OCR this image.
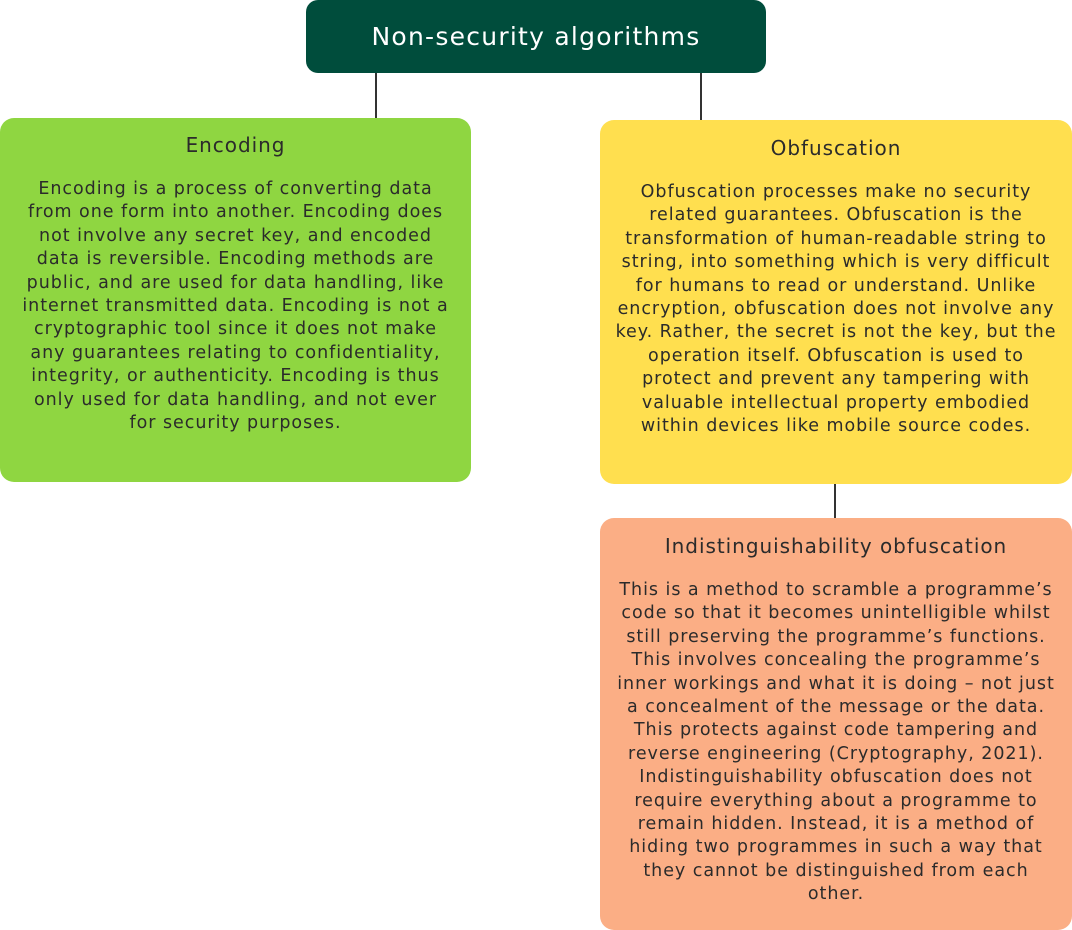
Non-security algorithms
Encoding

Encoding is a process of converting data from one form into another. Encoding does not involve any secret key, and encoded data is reversible. Encoding methods are public, and are used for data handling, like internet transmitted data. Encoding is not a cryptographic tool since it does not make any guarantees relating to confidentiality, integrity, or authenticity. Encoding is thus only used for data handling, and not ever for security purposes.

Obfuscation

Obfuscation processes make no security related guarantees. Obfuscation is the transformation of human-readable string to string, into something which is very difficult for humans to read or understand. Unlike encryption, obfuscation does not involve any key. Rather, the secret is not the key, but the operation itself. Obfuscation is used to protect and prevent any tampering with valuable intellectual property embodied within devices like mobile source codes.

Indistinguishability obfuscation

This is a method to scramble a programme’s code so that it becomes unintelligible whilst still preserving the programme’s functions. This involves concealing the programme’s inner workings and what it is doing – not just a concealment of the message or the data. This protects against code tampering and reverse engineering (Cryptography, 2021). Indistinguishability obfuscation does not require everything about a programme to remain hidden. Instead, it is a method of hiding two programmes in such a way that they cannot be distinguished from each other.
